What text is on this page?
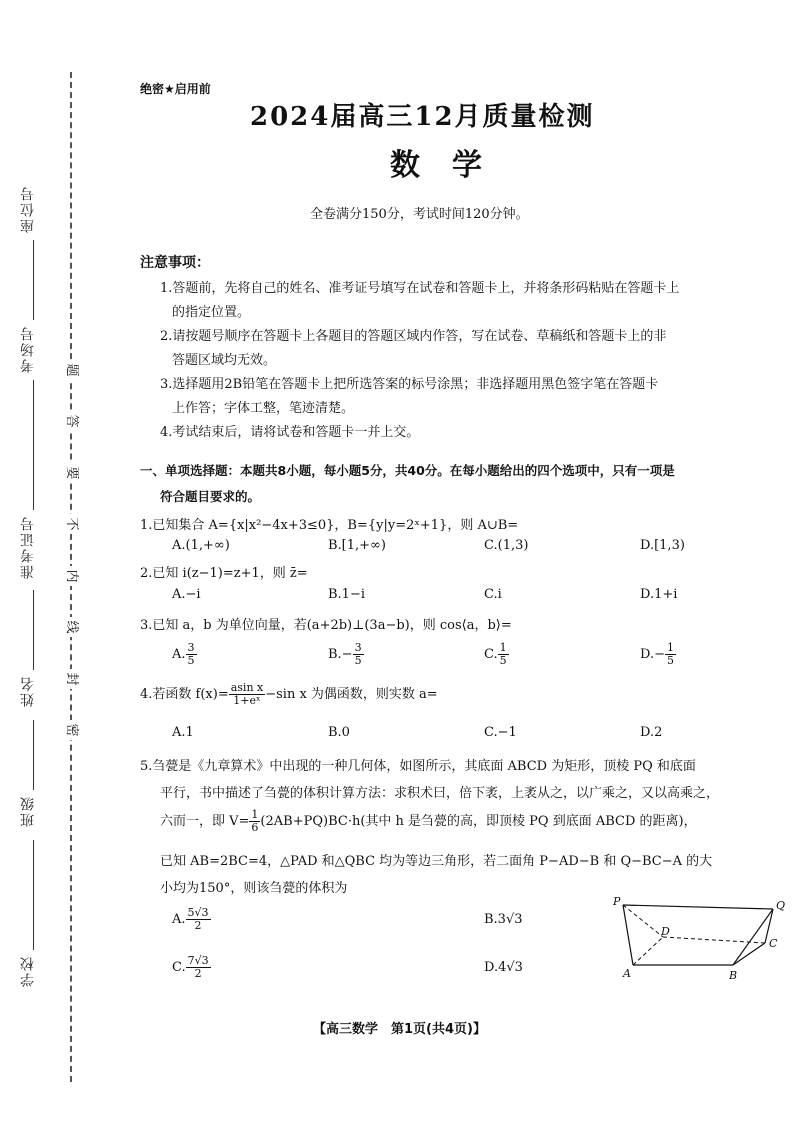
座位号
考场号
准考证号
姓名
班级
学校
题
答
要
不
内
线
封
密
绝密★启用前
2024届高三12月质量检测
数学
全卷满分150分，考试时间120分钟。
注意事项：
1.答题前，先将自己的姓名、准考证号填写在试卷和答题卡上，并将条形码粘贴在答题卡上
的指定位置。
2.请按题号顺序在答题卡上各题目的答题区域内作答，写在试卷、草稿纸和答题卡上的非
答题区域均无效。
3.选择题用2B铅笔在答题卡上把所选答案的标号涂黑；非选择题用黑色签字笔在答题卡
上作答；字体工整，笔迹清楚。
4.考试结束后，请将试卷和答题卡一并上交。
一、单项选择题：本题共8小题，每小题5分，共40分。在每小题给出的四个选项中，只有一项是
符合题目要求的。
1.已知集合 A={x|x²−4x+3≤0}，B={y|y=2ˣ+1}，则 A∪B=
A.(1,+∞)	B.[1,+∞)	C.(1,3)	D.[1,3)
2.已知 i(z−1)=z+1，则 z̄=
A.−i	B.1−i	C.i	D.1+i
3.已知 a，b 为单位向量，若(a+2b)⊥(3a−b)，则 cos⟨a，b⟩=
A. $\frac{3}{5}$	$B.- \frac{3}{5}$	C. $\frac{1}{5}$	$D.- \frac{1}{5}$
4.若函数 $f(x)= \frac{\text{asin x}}{\text{1+eˣ}} -\sin$ x 为偶函数，则实数 a=
A.1	B.0	C.−1	D.2
5.刍甍是《九章算术》中出现的一种几何体，如图所示，其底面 ABCD 为矩形，顶棱 PQ 和底面
平行，书中描述了刍甍的体积计算方法：求积术曰，倍下袤，上袤从之，以广乘之，又以高乘之，
六而一，即 $V= \frac{1}{6} (2AB+PQ)BC\cdot h$(其中 h 是刍甍的高，即顶棱 PQ 到底面 ABCD 的距离)，
已知 AB=2BC=4，△PAD 和△QBC 均为等边三角形，若二面角 P−AD−B 和 Q−BC−A 的大
小均为150°，则该刍甍的体积为
A. $\frac{5√3}{2}$	B.3√3
C. $\frac{7√3}{2}$	D.4√3
P	Q
D
C
A	B
【高三数学　第1页(共4页)】
